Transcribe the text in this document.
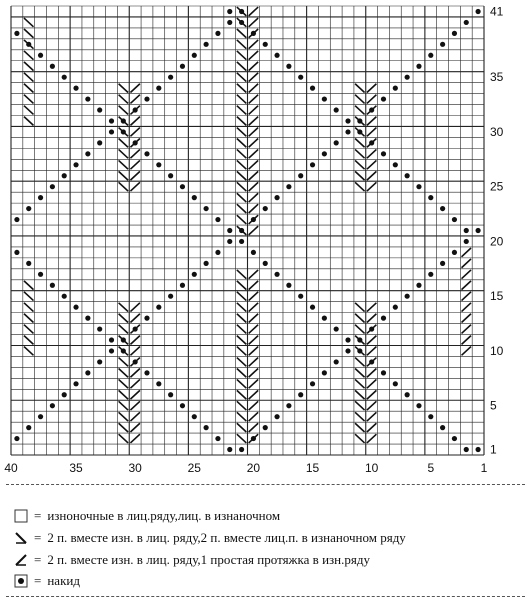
40	35	30	25	20	15	10	5	1
41
35
30
25
20
15
10
5
1
= изноночные в лиц.ряду,лиц. в изнаночном
= 2 п. вместе изн. в лиц. ряду,2 п. вместе лиц.п. в изнаночном ряду
= 2 п. вместе изн. в лиц. ряду,1 простая протяжка в изн.ряду
= накид
